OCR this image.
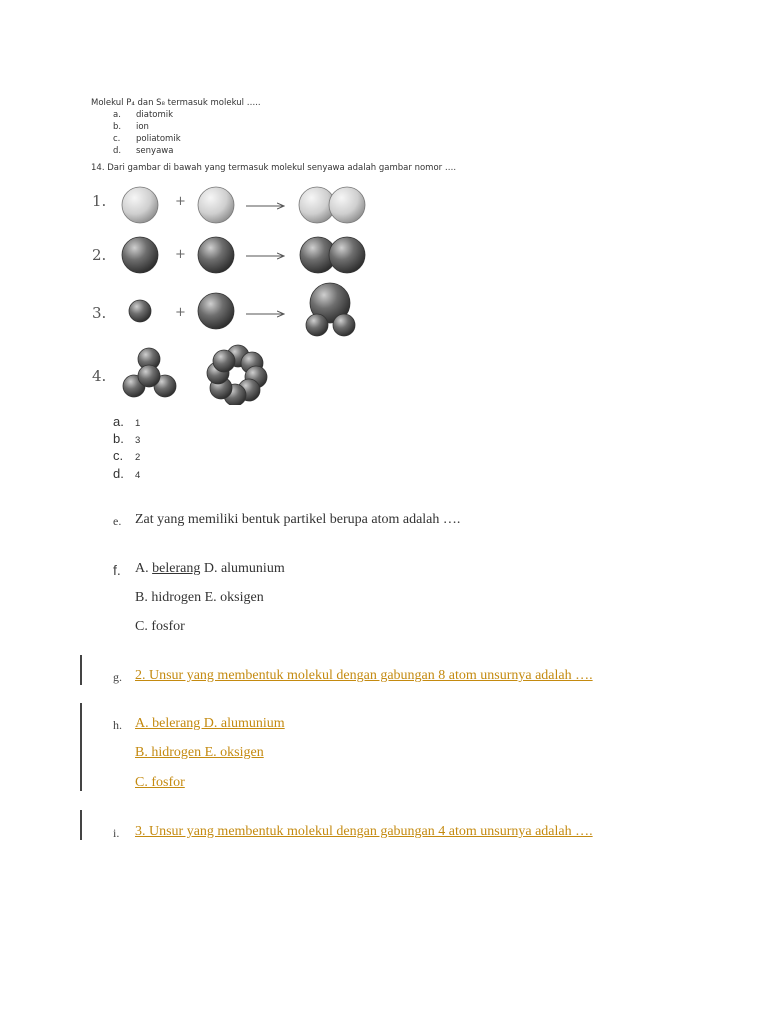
Molekul P₄ dan S₈ termasuk molekul …..
a. diatomik
b. ion
c. poliatomik
d. senyawa
14. Dari gambar di bawah yang termasuk molekul senyawa adalah gambar nomor ….
1.
2.
3.
4.
+
+
+
a. 1
b. 3
c. 2
d. 4
e. Zat yang memiliki bentuk partikel berupa atom adalah ….
f. A. belerang D. alumunium
B. hidrogen E. oksigen
C. fosfor
g. 2. Unsur yang membentuk molekul dengan gabungan 8 atom unsurnya adalah ….
h. A. belerang D. alumunium
B. hidrogen E. oksigen
C. fosfor
i. 3. Unsur yang membentuk molekul dengan gabungan 4 atom unsurnya adalah ….
